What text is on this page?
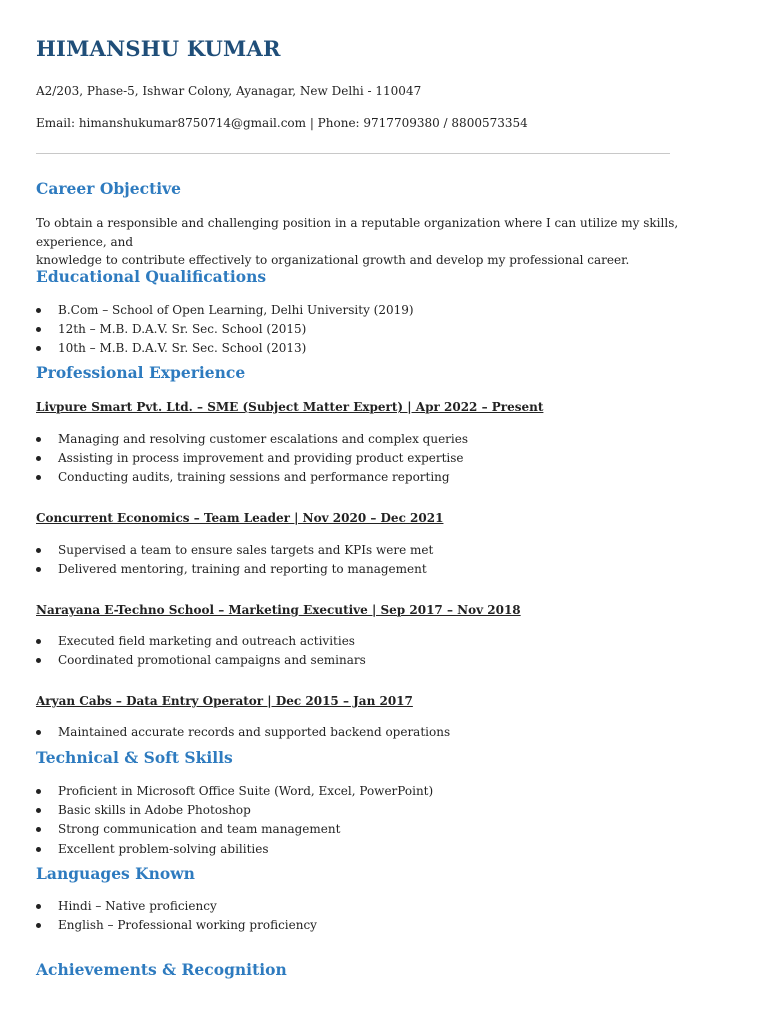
HIMANSHU KUMAR

A2/203, Phase-5, Ishwar Colony, Ayanagar, New Delhi - 110047

Email: himanshukumar8750714@gmail.com | Phone: 9717709380 / 8800573354

Career Objective
To obtain a responsible and challenging position in a reputable organization where I can utilize my skills, experience, and
knowledge to contribute effectively to organizational growth and develop my professional career.
Educational Qualifications
B.Com – School of Open Learning, Delhi University (2019)
12th – M.B. D.A.V. Sr. Sec. School (2015)
10th – M.B. D.A.V. Sr. Sec. School (2013)
Professional Experience

Livpure Smart Pvt. Ltd. – SME (Subject Matter Expert) | Apr 2022 – Present

Managing and resolving customer escalations and complex queries
Assisting in process improvement and providing product expertise
Conducting audits, training sessions and performance reporting

Concurrent Economics – Team Leader | Nov 2020 – Dec 2021

Supervised a team to ensure sales targets and KPIs were met
Delivered mentoring, training and reporting to management

Narayana E-Techno School – Marketing Executive | Sep 2017 – Nov 2018

Executed field marketing and outreach activities
Coordinated promotional campaigns and seminars

Aryan Cabs – Data Entry Operator | Dec 2015 – Jan 2017

Maintained accurate records and supported backend operations
Technical & Soft Skills
Proficient in Microsoft Office Suite (Word, Excel, PowerPoint)
Basic skills in Adobe Photoshop
Strong communication and team management
Excellent problem-solving abilities
Languages Known
Hindi – Native proficiency
English – Professional working proficiency
Achievements & Recognition
